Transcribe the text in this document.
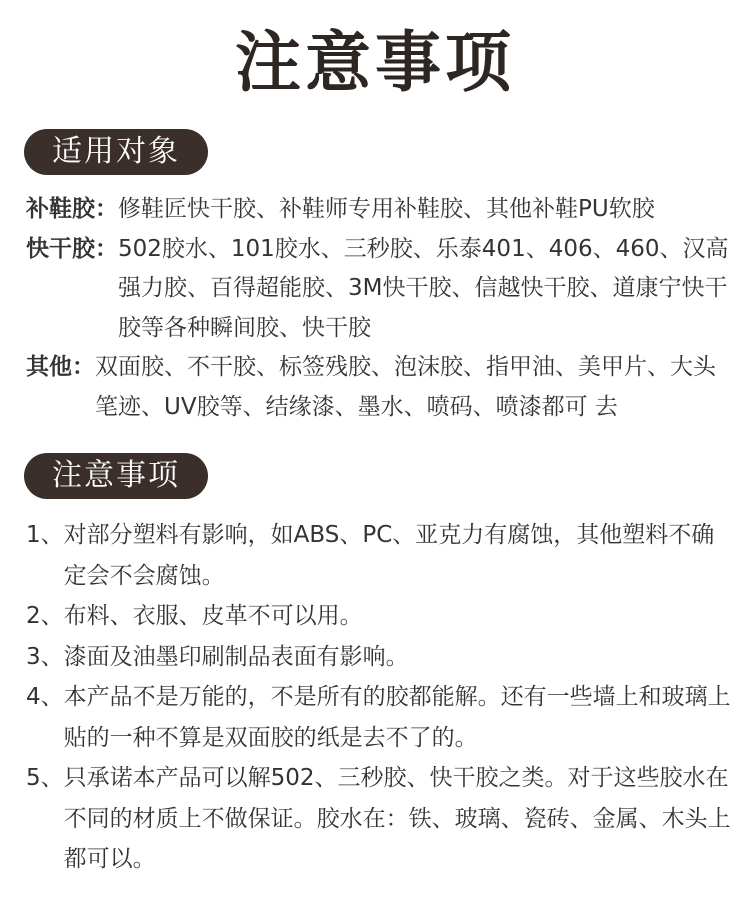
注意事项
适用对象
补鞋胶： 修鞋匠快干胶、补鞋师专用补鞋胶、其他补鞋PU软胶
快干胶： 502胶水、101胶水、三秒胶、乐泰401、406、460、汉高强力胶、百得超能胶、3M快干胶、信越快干胶、道康宁快干胶等各种瞬间胶、快干胶
其他： 双面胶、不干胶、标签残胶、泡沫胶、指甲油、美甲片、大头笔迹、UV胶等、结缘漆、墨水、喷码、喷漆都可 去
注意事项
1、 对部分塑料有影响，如ABS、PC、亚克力有腐蚀，其他塑料不确定会不会腐蚀。
2、 布料、衣服、皮革不可以用。
3、 漆面及油墨印刷制品表面有影响。
4、 本产品不是万能的，不是所有的胶都能解。还有一些墙上和玻璃上贴的一种不算是双面胶的纸是去不了的。
5、 只承诺本产品可以解502、三秒胶、快干胶之类。对于这些胶水在不同的材质上不做保证。胶水在：铁、玻璃、瓷砖、金属、木头上都可以。
